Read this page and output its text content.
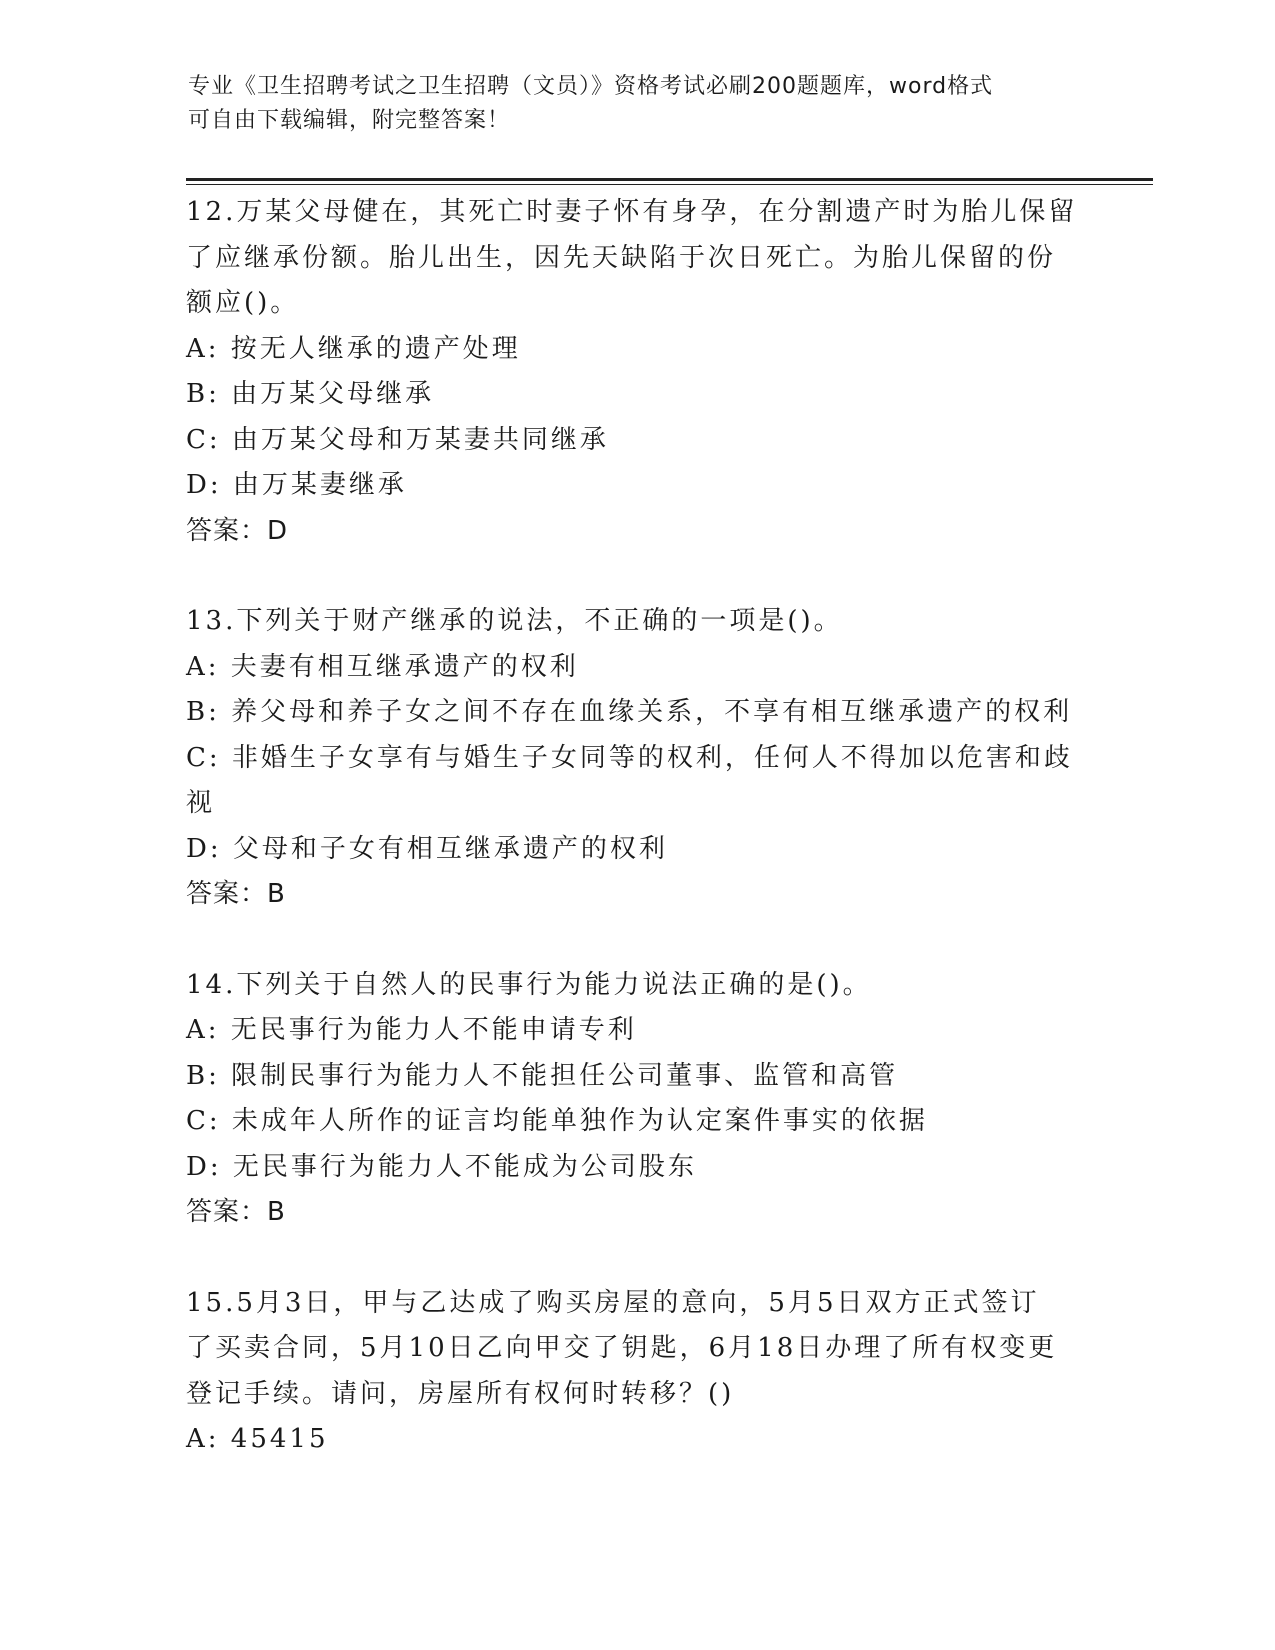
专业《卫生招聘考试之卫生招聘（文员）》资格考试必刷200题题库，word格式
可自由下载编辑，附完整答案！
12.万某父母健在，其死亡时妻子怀有身孕，在分割遗产时为胎儿保留
了应继承份额。胎儿出生，因先天缺陷于次日死亡。为胎儿保留的份
额应()。
A: 按无人继承的遗产处理
B: 由万某父母继承
C: 由万某父母和万某妻共同继承
D: 由万某妻继承
答案：D
13.下列关于财产继承的说法，不正确的一项是()。
A: 夫妻有相互继承遗产的权利
B: 养父母和养子女之间不存在血缘关系，不享有相互继承遗产的权利
C: 非婚生子女享有与婚生子女同等的权利，任何人不得加以危害和歧
视
D: 父母和子女有相互继承遗产的权利
答案：B
14.下列关于自然人的民事行为能力说法正确的是()。
A: 无民事行为能力人不能申请专利
B: 限制民事行为能力人不能担任公司董事、监管和高管
C: 未成年人所作的证言均能单独作为认定案件事实的依据
D: 无民事行为能力人不能成为公司股东
答案：B
15.5月3日，甲与乙达成了购买房屋的意向，5月5日双方正式签订
了买卖合同，5月10日乙向甲交了钥匙，6月18日办理了所有权变更
登记手续。请问，房屋所有权何时转移？()
A: 45415
